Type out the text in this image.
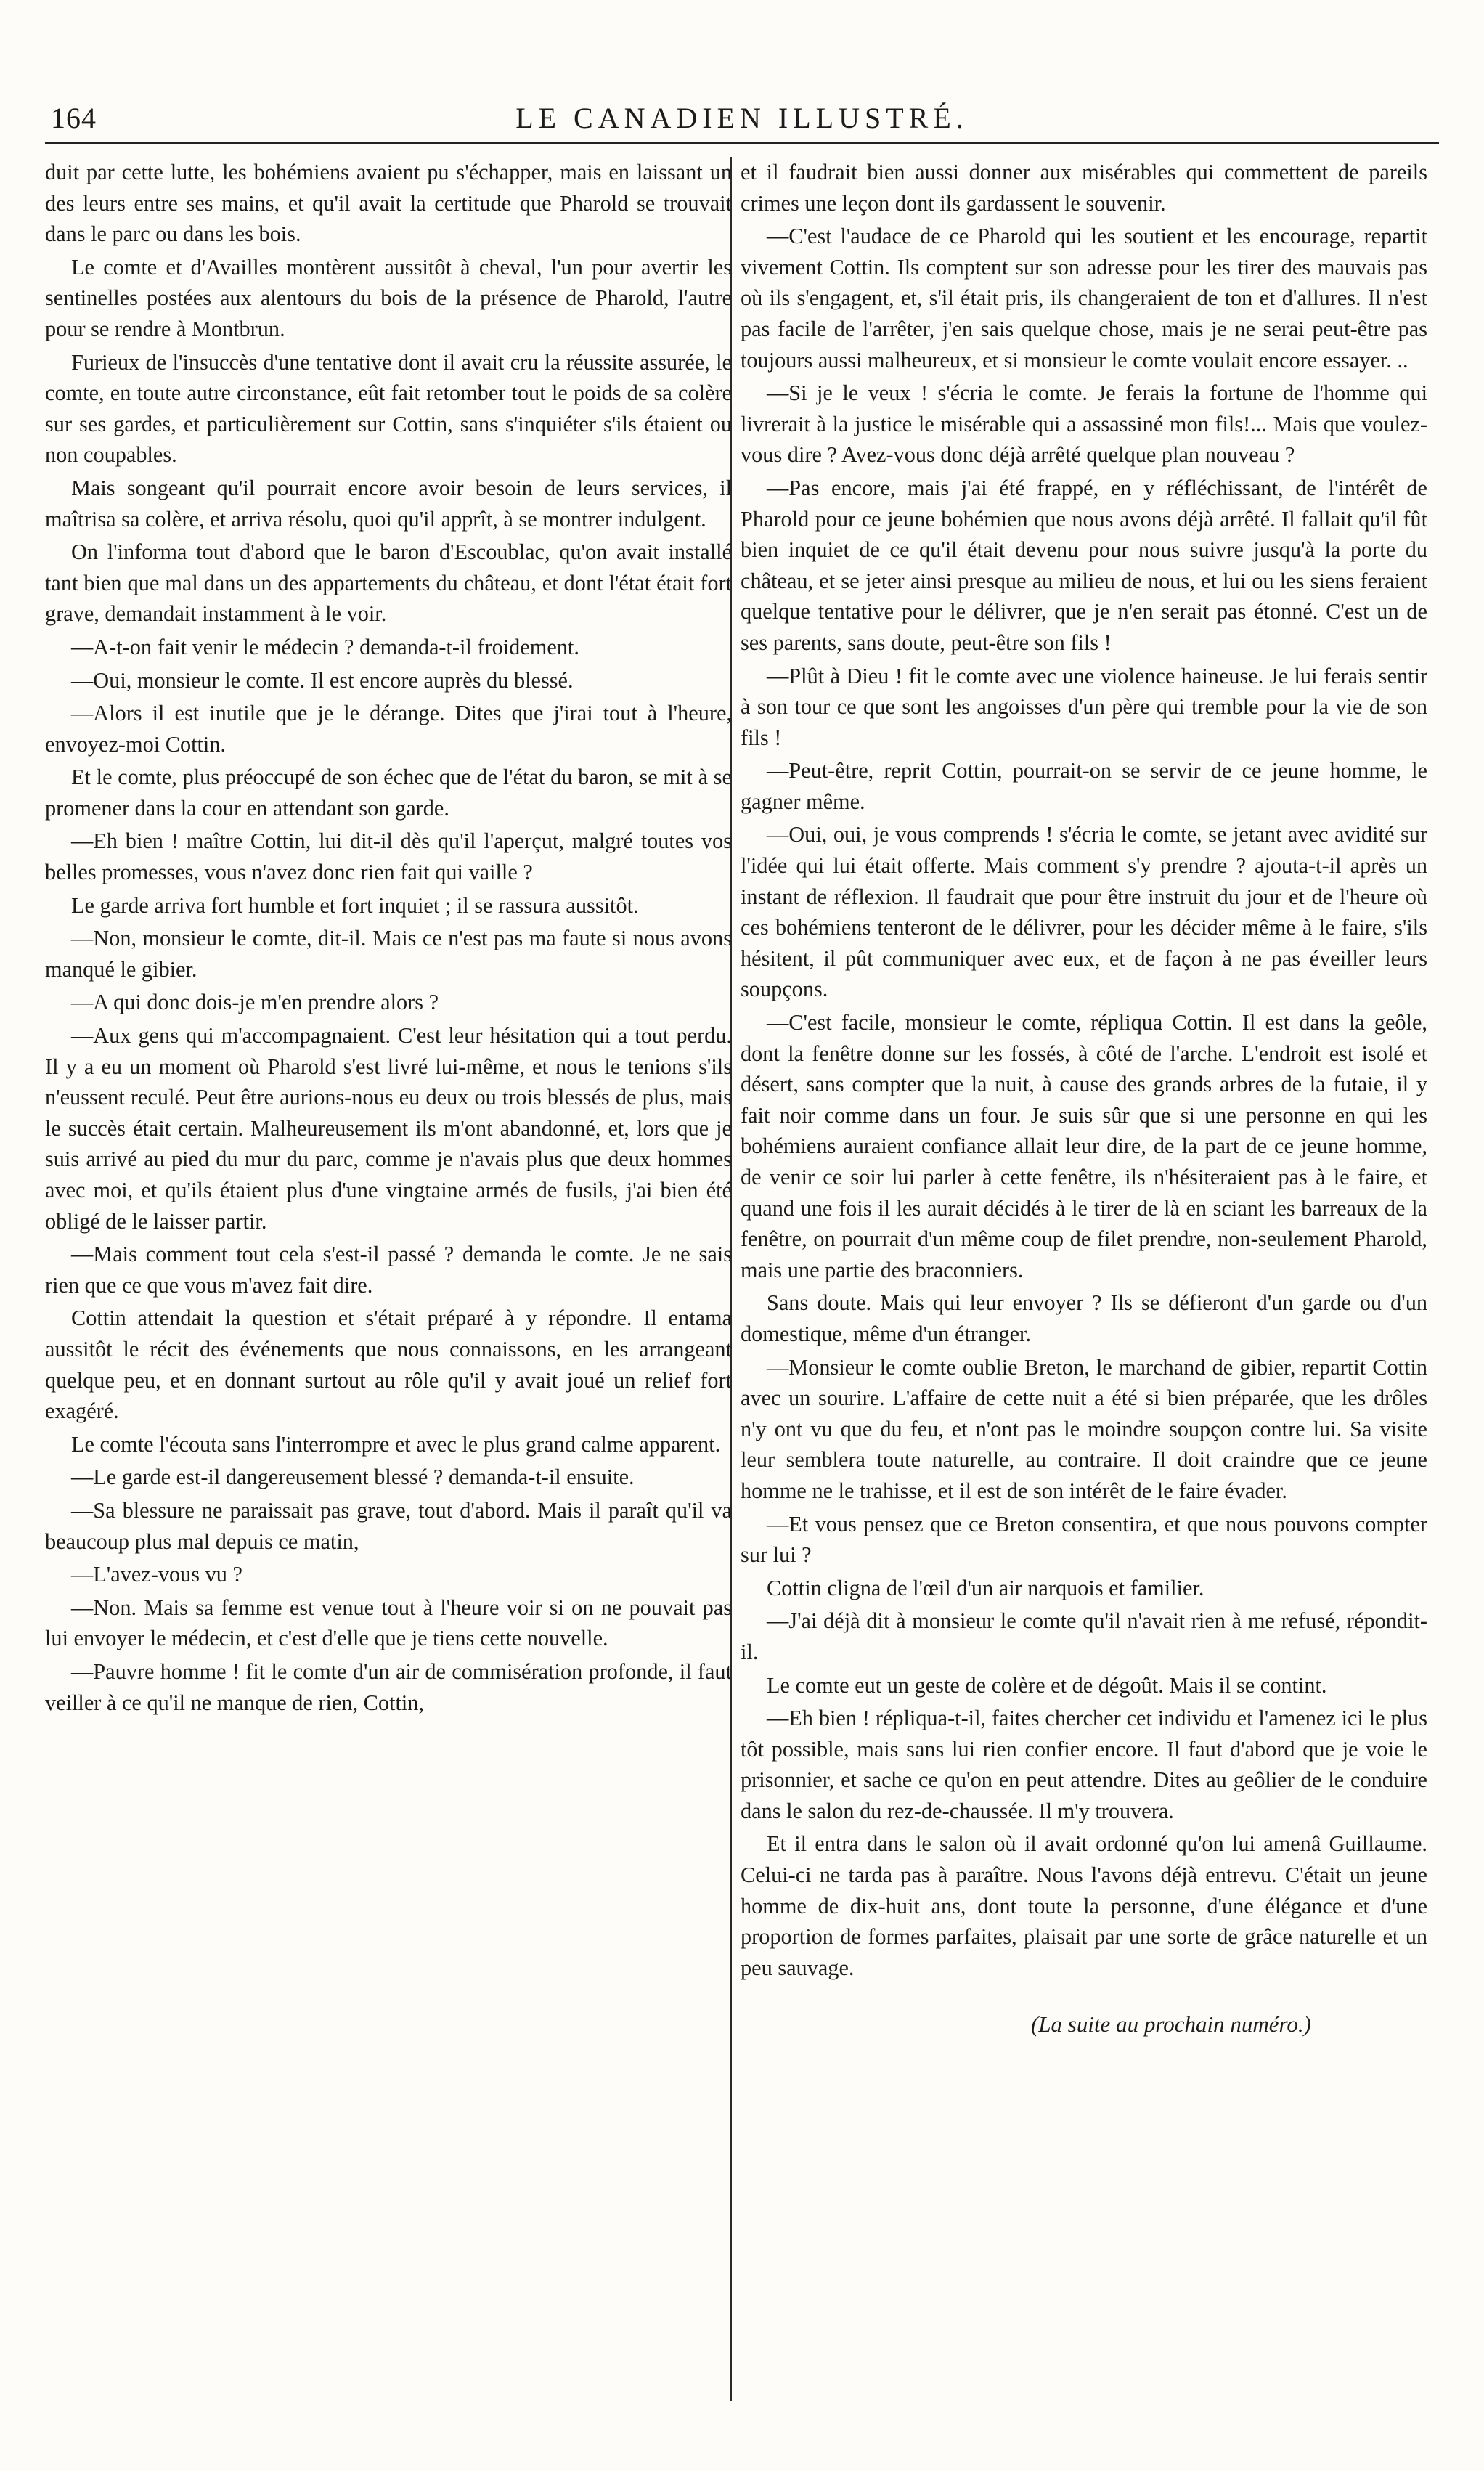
164	LE CANADIEN ILLUSTRÉ.

duit par cette lutte, les bohémiens avaient pu s'échapper, mais en laissant un des leurs entre ses mains, et qu'il avait la certitude que Pharold se trouvait dans le parc ou dans les bois.

Le comte et d'Availles montèrent aussitôt à cheval, l'un pour avertir les sentinelles postées aux alentours du bois de la présence de Pharold, l'autre pour se rendre à Montbrun.

Furieux de l'insuccès d'une tentative dont il avait cru la réussite assurée, le comte, en toute autre circonstance, eût fait retomber tout le poids de sa colère sur ses gardes, et particulièrement sur Cottin, sans s'inquiéter s'ils étaient ou non coupables.

Mais songeant qu'il pourrait encore avoir besoin de leurs services, il maîtrisa sa colère, et arriva résolu, quoi qu'il apprît, à se montrer indulgent.

On l'informa tout d'abord que le baron d'Escoublac, qu'on avait installé tant bien que mal dans un des appartements du château, et dont l'état était fort grave, demandait instamment à le voir.

—A-t-on fait venir le médecin ? demanda-t-il froidement.

—Oui, monsieur le comte. Il est encore auprès du blessé.

—Alors il est inutile que je le dérange. Dites que j'irai tout à l'heure, envoyez-moi Cottin.

Et le comte, plus préoccupé de son échec que de l'état du baron, se mit à se promener dans la cour en attendant son garde.

—Eh bien ! maître Cottin, lui dit-il dès qu'il l'aperçut, malgré toutes vos belles promesses, vous n'avez donc rien fait qui vaille ?

Le garde arriva fort humble et fort inquiet ; il se rassura aussitôt.

—Non, monsieur le comte, dit-il. Mais ce n'est pas ma faute si nous avons manqué le gibier.

—A qui donc dois-je m'en prendre alors ?

—Aux gens qui m'accompagnaient. C'est leur hésitation qui a tout perdu. Il y a eu un moment où Pharold s'est livré lui-même, et nous le tenions s'ils n'eussent reculé. Peut être aurions-nous eu deux ou trois blessés de plus, mais le succès était certain. Malheureusement ils m'ont abandonné, et, lors que je suis arrivé au pied du mur du parc, comme je n'avais plus que deux hommes avec moi, et qu'ils étaient plus d'une vingtaine armés de fusils, j'ai bien été obligé de le laisser partir.

—Mais comment tout cela s'est-il passé ? demanda le comte. Je ne sais rien que ce que vous m'avez fait dire.

Cottin attendait la question et s'était préparé à y répondre. Il entama aussitôt le récit des événements que nous connaissons, en les arrangeant quelque peu, et en donnant surtout au rôle qu'il y avait joué un relief fort exagéré.

Le comte l'écouta sans l'interrompre et avec le plus grand calme apparent.

—Le garde est-il dangereusement blessé ? demanda-t-il ensuite.

—Sa blessure ne paraissait pas grave, tout d'abord. Mais il paraît qu'il va beaucoup plus mal depuis ce matin,

—L'avez-vous vu ?

—Non. Mais sa femme est venue tout à l'heure voir si on ne pouvait pas lui envoyer le médecin, et c'est d'elle que je tiens cette nouvelle.

—Pauvre homme ! fit le comte d'un air de commisération profonde, il faut veiller à ce qu'il ne manque de rien, Cottin,

et il faudrait bien aussi donner aux misérables qui commettent de pareils crimes une leçon dont ils gardassent le souvenir.

—C'est l'audace de ce Pharold qui les soutient et les encourage, repartit vivement Cottin. Ils comptent sur son adresse pour les tirer des mauvais pas où ils s'engagent, et, s'il était pris, ils changeraient de ton et d'allures. Il n'est pas facile de l'arrêter, j'en sais quelque chose, mais je ne serai peut-être pas toujours aussi malheureux, et si monsieur le comte voulait encore essayer. ..

—Si je le veux ! s'écria le comte. Je ferais la fortune de l'homme qui livrerait à la justice le misérable qui a assassiné mon fils!... Mais que voulez-vous dire ? Avez-vous donc déjà arrêté quelque plan nouveau ?

—Pas encore, mais j'ai été frappé, en y réfléchissant, de l'intérêt de Pharold pour ce jeune bohémien que nous avons déjà arrêté. Il fallait qu'il fût bien inquiet de ce qu'il était devenu pour nous suivre jusqu'à la porte du château, et se jeter ainsi presque au milieu de nous, et lui ou les siens feraient quelque tentative pour le délivrer, que je n'en serait pas étonné. C'est un de ses parents, sans doute, peut-être son fils !

—Plût à Dieu ! fit le comte avec une violence haineuse. Je lui ferais sentir à son tour ce que sont les angoisses d'un père qui tremble pour la vie de son fils !

—Peut-être, reprit Cottin, pourrait-on se servir de ce jeune homme, le gagner même.

—Oui, oui, je vous comprends ! s'écria le comte, se jetant avec avidité sur l'idée qui lui était offerte. Mais comment s'y prendre ? ajouta-t-il après un instant de réflexion. Il faudrait que pour être instruit du jour et de l'heure où ces bohémiens tenteront de le délivrer, pour les décider même à le faire, s'ils hésitent, il pût communiquer avec eux, et de façon à ne pas éveiller leurs soupçons.

—C'est facile, monsieur le comte, répliqua Cottin. Il est dans la geôle, dont la fenêtre donne sur les fossés, à côté de l'arche. L'endroit est isolé et désert, sans compter que la nuit, à cause des grands arbres de la futaie, il y fait noir comme dans un four. Je suis sûr que si une personne en qui les bohémiens auraient confiance allait leur dire, de la part de ce jeune homme, de venir ce soir lui parler à cette fenêtre, ils n'hésiteraient pas à le faire, et quand une fois il les aurait décidés à le tirer de là en sciant les barreaux de la fenêtre, on pourrait d'un même coup de filet prendre, non-seulement Pharold, mais une partie des braconniers.

Sans doute. Mais qui leur envoyer ? Ils se défieront d'un garde ou d'un domestique, même d'un étranger.

—Monsieur le comte oublie Breton, le marchand de gibier, repartit Cottin avec un sourire. L'affaire de cette nuit a été si bien préparée, que les drôles n'y ont vu que du feu, et n'ont pas le moindre soupçon contre lui. Sa visite leur semblera toute naturelle, au contraire. Il doit craindre que ce jeune homme ne le trahisse, et il est de son intérêt de le faire évader.

—Et vous pensez que ce Breton consentira, et que nous pouvons compter sur lui ?

Cottin cligna de l'œil d'un air narquois et familier.

—J'ai déjà dit à monsieur le comte qu'il n'avait rien à me refusé, répondit-il.

Le comte eut un geste de colère et de dégoût. Mais il se contint.

—Eh bien ! répliqua-t-il, faites chercher cet individu et l'amenez ici le plus tôt possible, mais sans lui rien confier encore. Il faut d'abord que je voie le prisonnier, et sache ce qu'on en peut attendre. Dites au geôlier de le conduire dans le salon du rez-de-chaussée. Il m'y trouvera.

Et il entra dans le salon où il avait ordonné qu'on lui amenâ Guillaume. Celui-ci ne tarda pas à paraître. Nous l'avons déjà entrevu. C'était un jeune homme de dix-huit ans, dont toute la personne, d'une élégance et d'une proportion de formes parfaites, plaisait par une sorte de grâce naturelle et un peu sauvage.

(La suite au prochain numéro.)
